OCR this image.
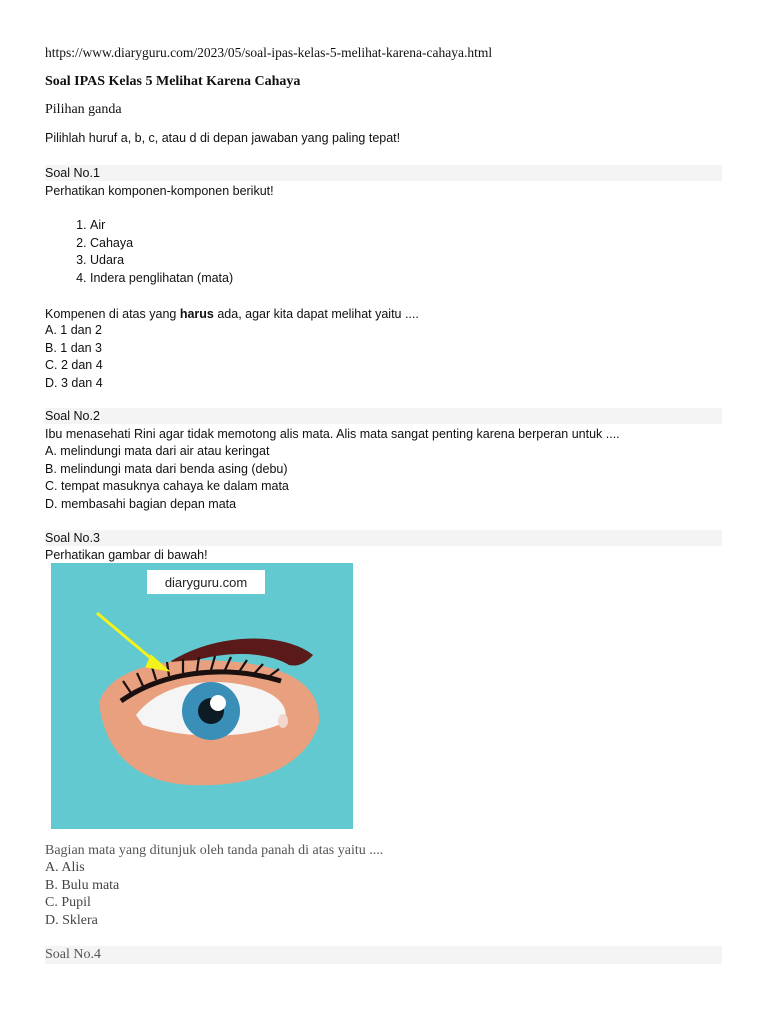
https://www.diaryguru.com/2023/05/soal-ipas-kelas-5-melihat-karena-cahaya.html
Soal IPAS Kelas 5 Melihat Karena Cahaya
Pilihan ganda
Pilihlah huruf a, b, c, atau d di depan jawaban yang paling tepat!
Soal No.1
Perhatikan komponen-komponen berikut!
1. Air
2. Cahaya
3. Udara
4. Indera penglihatan (mata)
Kompenen di atas yang harus ada, agar kita dapat melihat yaitu ....
A. 1 dan 2
B. 1 dan 3
C. 2 dan 4
D. 3 dan 4
Soal No.2
Ibu menasehati Rini agar tidak memotong alis mata. Alis mata sangat penting karena berperan untuk ....
A. melindungi mata dari air atau keringat
B. melindungi mata dari benda asing (debu)
C. tempat masuknya cahaya ke dalam mata
D. membasahi bagian depan mata
Soal No.3
Perhatikan gambar di bawah!
diaryguru.com
Bagian mata yang ditunjuk oleh tanda panah di atas yaitu ....
A. Alis
B. Bulu mata
C. Pupil
D. Sklera
Soal No.4
